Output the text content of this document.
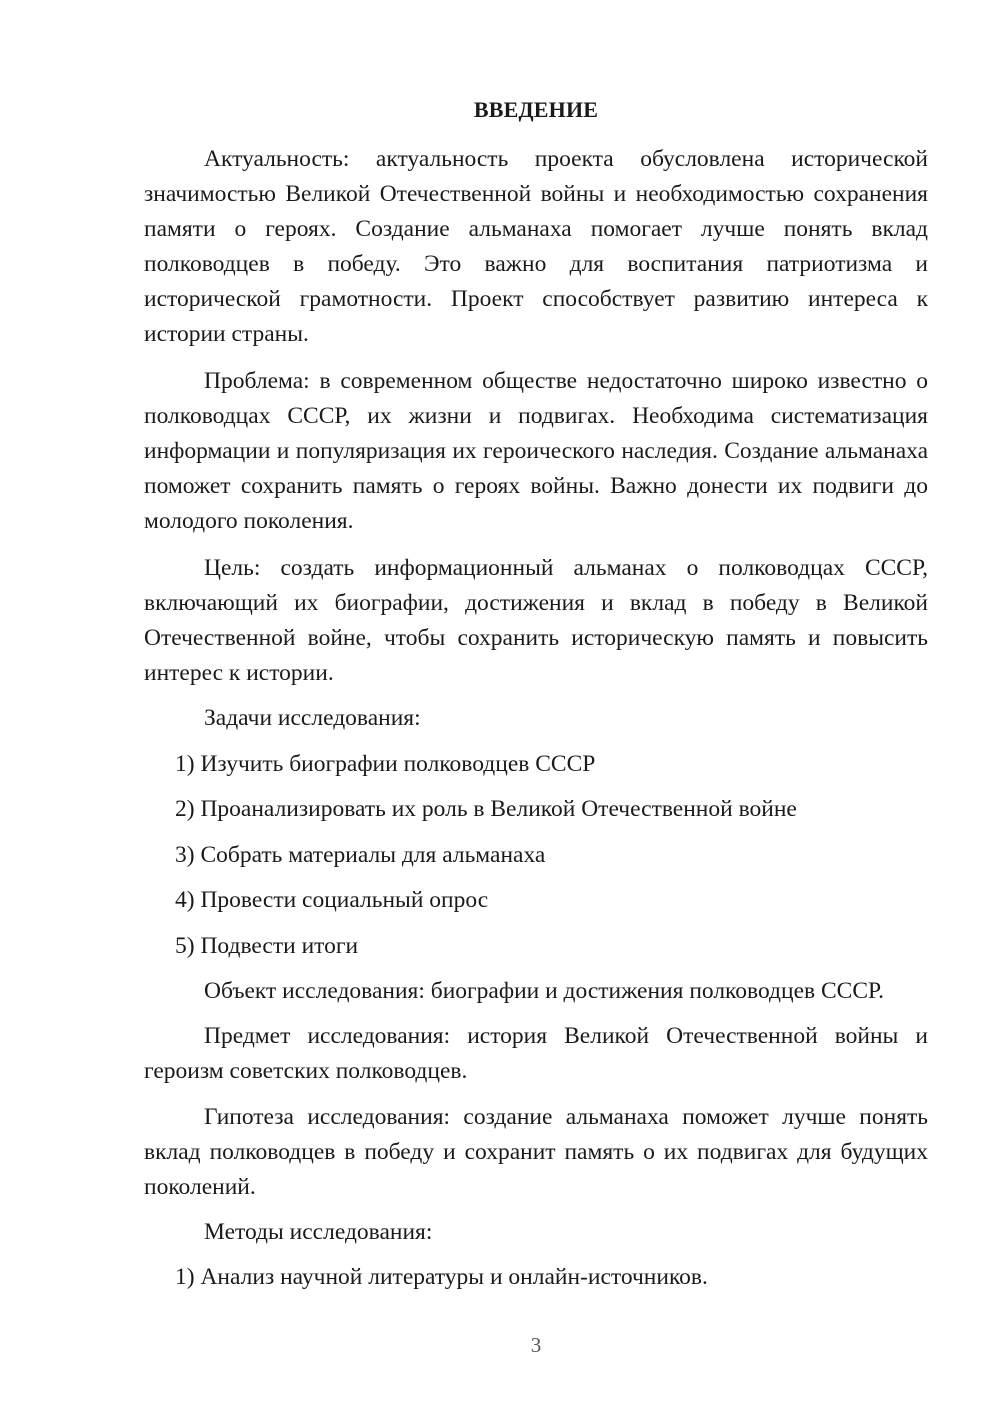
ВВЕДЕНИЕ

Актуальность: актуальность проекта обусловлена исторической значимостью Великой Отечественной войны и необходимостью сохранения памяти о героях. Создание альманаха помогает лучше понять вклад полководцев в победу. Это важно для воспитания патриотизма и исторической грамотности. Проект способствует развитию интереса к истории страны.

Проблема: в современном обществе недостаточно широко известно о полководцах СССР, их жизни и подвигах. Необходима систематизация информации и популяризация их героического наследия. Создание альманаха поможет сохранить память о героях войны. Важно донести их подвиги до молодого поколения.

Цель: создать информационный альманах о полководцах СССР, включающий их биографии, достижения и вклад в победу в Великой Отечественной войне, чтобы сохранить историческую память и повысить интерес к истории.

Задачи исследования:

1) Изучить биографии полководцев СССР

2) Проанализировать их роль в Великой Отечественной войне

3) Собрать материалы для альманаха

4) Провести социальный опрос

5) Подвести итоги

Объект исследования: биографии и достижения полководцев СССР.

Предмет исследования: история Великой Отечественной войны и героизм советских полководцев.

Гипотеза исследования: создание альманаха поможет лучше понять вклад полководцев в победу и сохранит память о их подвигах для будущих поколений.

Методы исследования:

1) Анализ научной литературы и онлайн-источников.

3
